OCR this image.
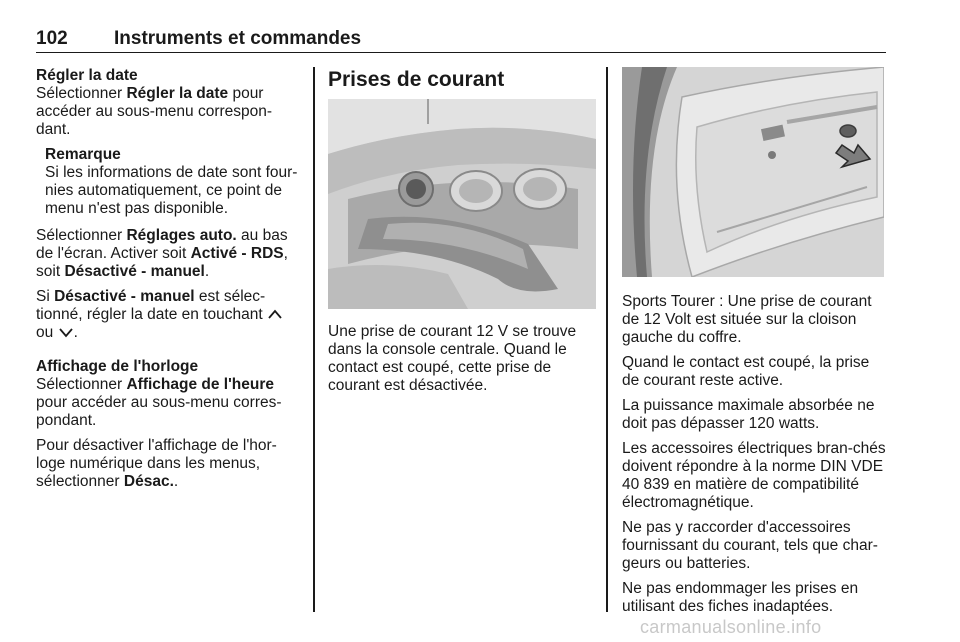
102 Instruments et commandes
Régler la date

Sélectionner Régler la date pour accéder au sous-menu correspon-dant.

Remarque
Si les informations de date sont four-nies automatiquement, ce point de menu n'est pas disponible.

Sélectionner Réglages auto. au bas de l'écran. Activer soit Activé - RDS, soit Désactivé - manuel.

Si Désactivé - manuel est sélec-tionné, régler la date en touchant
ou .

Affichage de l'horloge

Sélectionner Affichage de l'heure pour accéder au sous-menu corres-pondant.

Pour désactiver l'affichage de l'hor-loge numérique dans les menus, sélectionner Désac..

Prises de courant

Une prise de courant 12 V se trouve dans la console centrale. Quand le contact est coupé, cette prise de courant est désactivée.

Sports Tourer : Une prise de courant de 12 Volt est située sur la cloison gauche du coffre.

Quand le contact est coupé, la prise de courant reste active.

La puissance maximale absorbée ne doit pas dépasser 120 watts.

Les accessoires électriques bran-chés doivent répondre à la norme DIN VDE 40 839 en matière de compatibilité électromagnétique.

Ne pas y raccorder d'accessoires fournissant du courant, tels que char-geurs ou batteries.

Ne pas endommager les prises en utilisant des fiches inadaptées.

carmanualsonline.info
